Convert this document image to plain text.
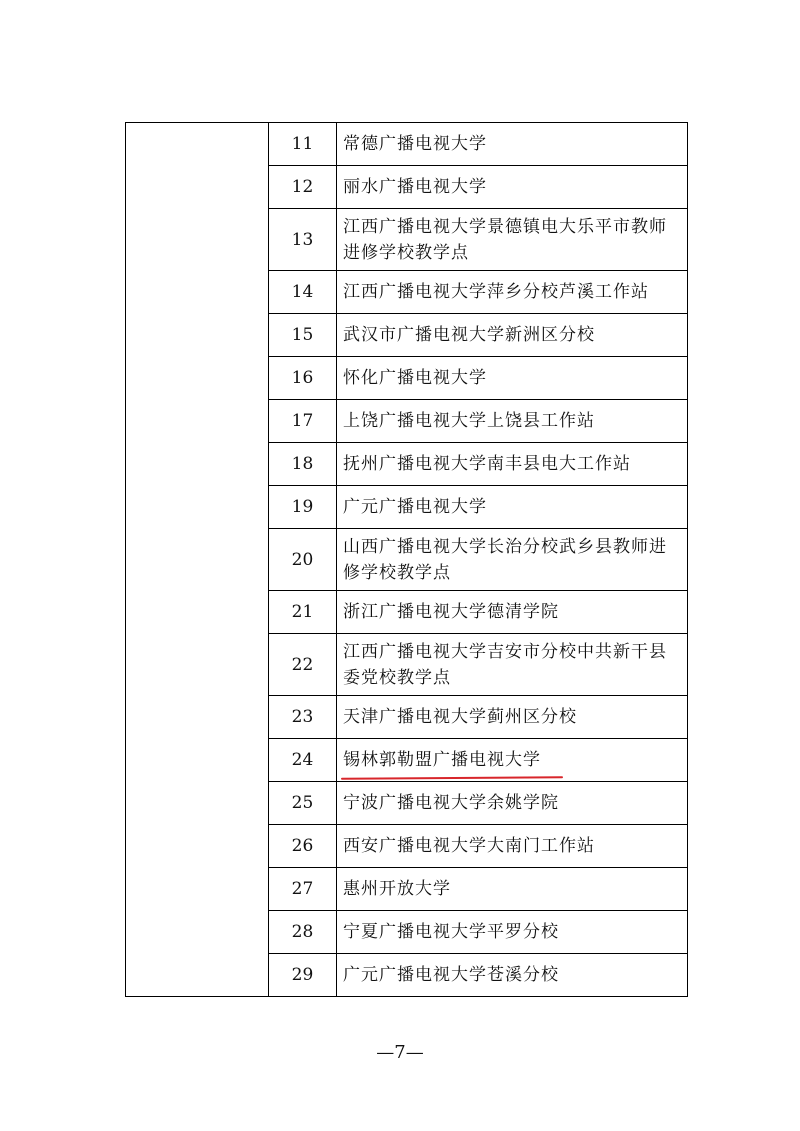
	11	常德广播电视大学
	12	丽水广播电视大学
	13	江西广播电视大学景德镇电大乐平市教师进修学校教学点

	14	江西广播电视大学萍乡分校芦溪工作站
	15	武汉市广播电视大学新洲区分校
	16	怀化广播电视大学
	17	上饶广播电视大学上饶县工作站
	18	抚州广播电视大学南丰县电大工作站
	19	广元广播电视大学
	20	山西广播电视大学长治分校武乡县教师进修学校教学点

	21	浙江广播电视大学德清学院
	22	江西广播电视大学吉安市分校中共新干县委党校教学点

	23	天津广播电视大学蓟州区分校
	24	锡林郭勒盟广播电视大学

	25	宁波广播电视大学余姚学院
	26	西安广播电视大学大南门工作站
	27	惠州开放大学
	28	宁夏广播电视大学平罗分校
	29	广元广播电视大学苍溪分校
—7—
